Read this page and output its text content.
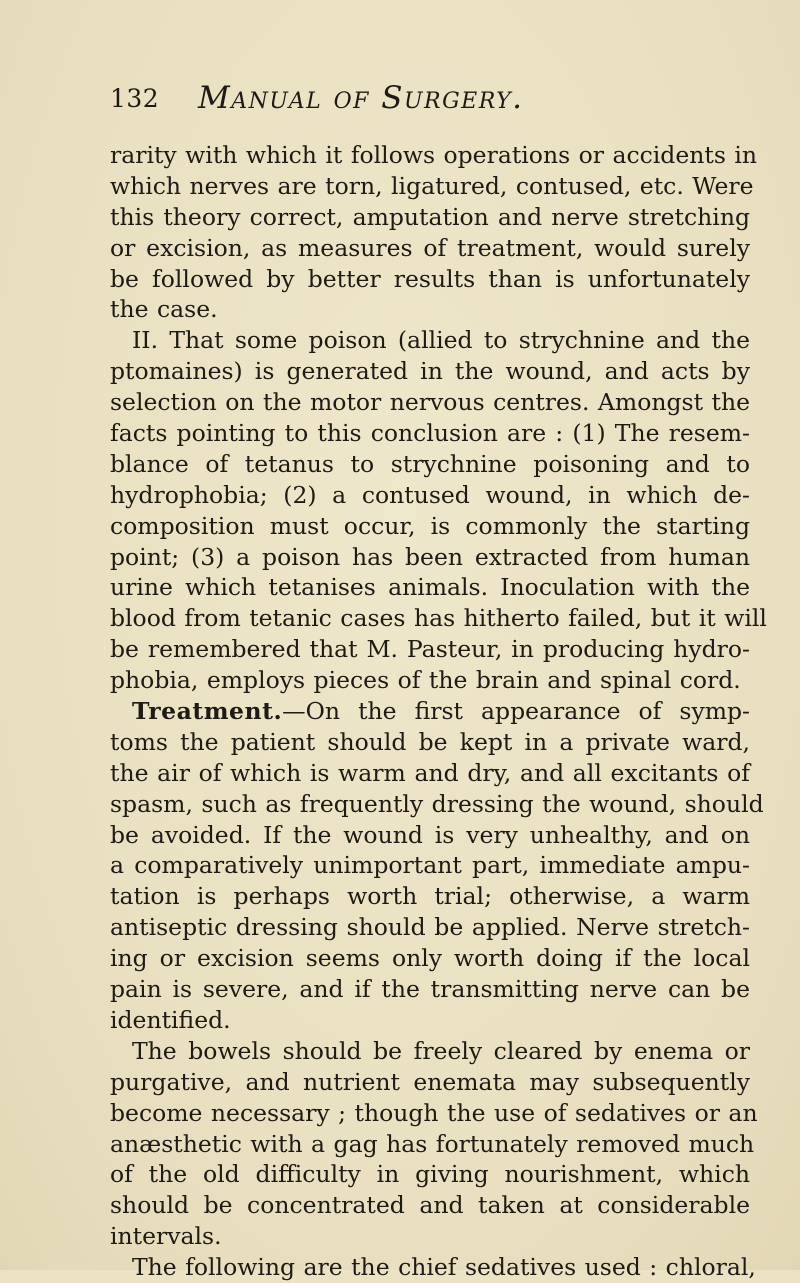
132 Manual of Surgery.
rarity with which it follows operations or accidents in
which nerves are torn, ligatured, contused, etc. Were
this theory correct, amputation and nerve stretching
or excision, as measures of treatment, would surely
be followed by better results than is unfortunately
the case.
II. That some poison (allied to strychnine and the
ptomaines) is generated in the wound, and acts by
selection on the motor nervous centres. Amongst the
facts pointing to this conclusion are : (1) The resem-
blance of tetanus to strychnine poisoning and to
hydrophobia; (2) a contused wound, in which de-
composition must occur, is commonly the starting
point; (3) a poison has been extracted from human
urine which tetanises animals. Inoculation with the
blood from tetanic cases has hitherto failed, but it will
be remembered that M. Pasteur, in producing hydro-
phobia, employs pieces of the brain and spinal cord.
Treatment.—On the first appearance of symp-
toms the patient should be kept in a private ward,
the air of which is warm and dry, and all excitants of
spasm, such as frequently dressing the wound, should
be avoided. If the wound is very unhealthy, and on
a comparatively unimportant part, immediate ampu-
tation is perhaps worth trial; otherwise, a warm
antiseptic dressing should be applied. Nerve stretch-
ing or excision seems only worth doing if the local
pain is severe, and if the transmitting nerve can be
identified.
The bowels should be freely cleared by enema or
purgative, and nutrient enemata may subsequently
become necessary ; though the use of sedatives or an
anæsthetic with a gag has fortunately removed much
of the old difficulty in giving nourishment, which
should be concentrated and taken at considerable
intervals.
The following are the chief sedatives used : chloral,
